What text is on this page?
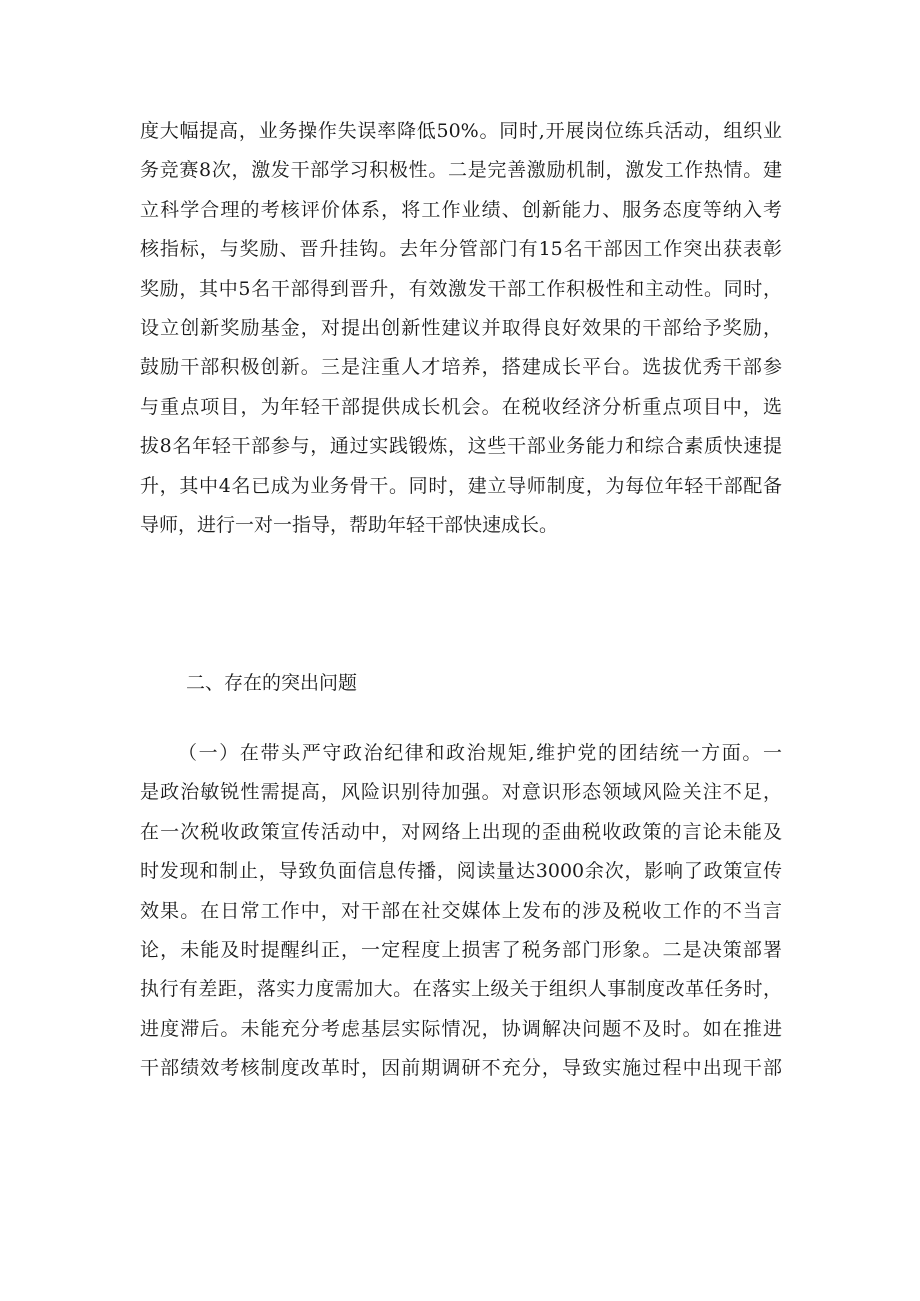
度大幅提高，业务操作失误率降低50%。同时,开展岗位练兵活动，组织业
务竞赛8次，激发干部学习积极性。二是完善激励机制，激发工作热情。建
立科学合理的考核评价体系，将工作业绩、创新能力、服务态度等纳入考
核指标，与奖励、晋升挂钩。去年分管部门有15名干部因工作突出获表彰
奖励，其中5名干部得到晋升，有效激发干部工作积极性和主动性。同时，
设立创新奖励基金，对提出创新性建议并取得良好效果的干部给予奖励，
鼓励干部积极创新。三是注重人才培养，搭建成长平台。选拔优秀干部参
与重点项目，为年轻干部提供成长机会。在税收经济分析重点项目中，选
拔8名年轻干部参与，通过实践锻炼，这些干部业务能力和综合素质快速提
升，其中4名已成为业务骨干。同时，建立导师制度，为每位年轻干部配备
导师，进行一对一指导，帮助年轻干部快速成长。
二、存在的突出问题
（一）在带头严守政治纪律和政治规矩,维护党的团结统一方面。一
是政治敏锐性需提高，风险识别待加强。对意识形态领域风险关注不足，
在一次税收政策宣传活动中，对网络上出现的歪曲税收政策的言论未能及
时发现和制止，导致负面信息传播，阅读量达3000余次，影响了政策宣传
效果。在日常工作中，对干部在社交媒体上发布的涉及税收工作的不当言
论，未能及时提醒纠正，一定程度上损害了税务部门形象。二是决策部署
执行有差距，落实力度需加大。在落实上级关于组织人事制度改革任务时，
进度滞后。未能充分考虑基层实际情况，协调解决问题不及时。如在推进
干部绩效考核制度改革时，因前期调研不充分，导致实施过程中出现干部
